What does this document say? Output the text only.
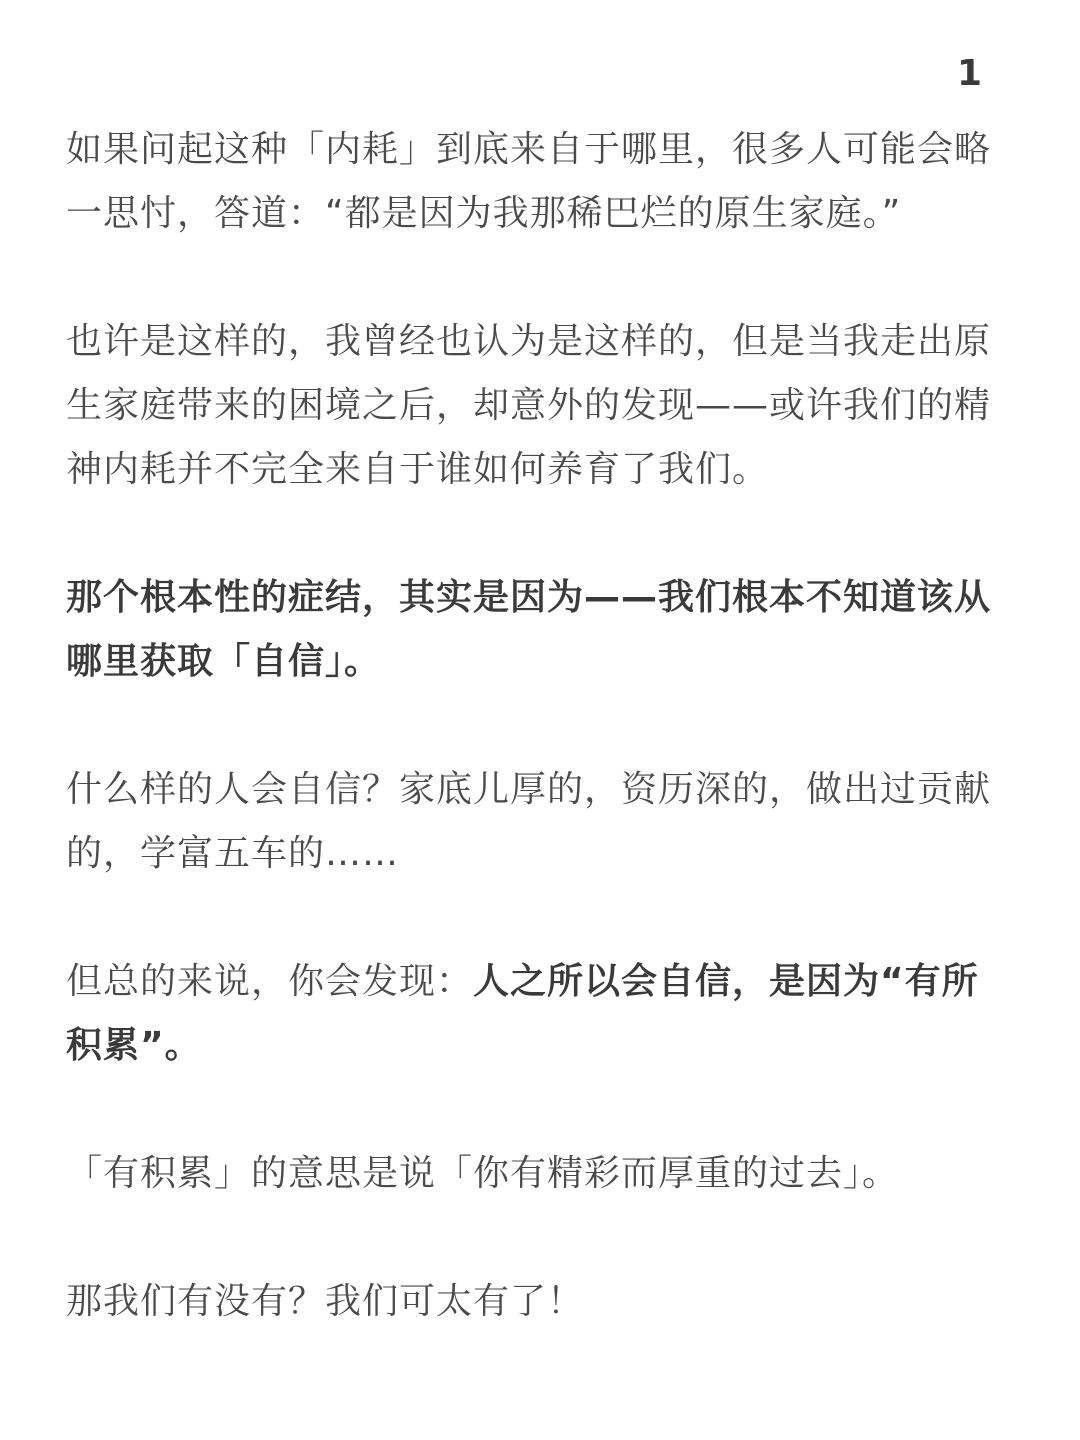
1

如果问起这种「内耗」到底来自于哪里，很多人可能会略
一思忖，答道：“都是因为我那稀巴烂的原生家庭。”

也许是这样的，我曾经也认为是这样的，但是当我走出原
生家庭带来的困境之后，却意外的发现——或许我们的精
神内耗并不完全来自于谁如何养育了我们。

那个根本性的症结，其实是因为——我们根本不知道该从
哪里获取「自信」。

什么样的人会自信？家底儿厚的，资历深的，做出过贡献
的，学富五车的……

但总的来说，你会发现：人之所以会自信，是因为“有所
积累”。

「有积累」的意思是说「你有精彩而厚重的过去」。

那我们有没有？我们可太有了！
